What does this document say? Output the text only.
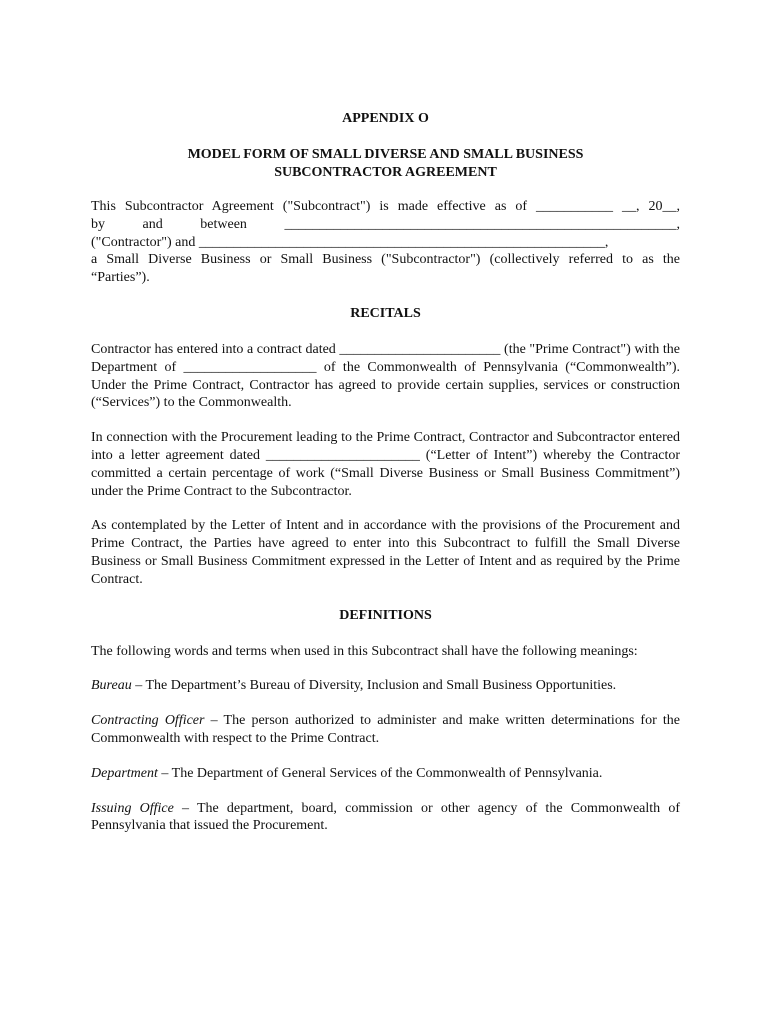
APPENDIX O

MODEL FORM OF SMALL DIVERSE AND SMALL BUSINESS

SUBCONTRACTOR AGREEMENT

This Subcontractor Agreement ("Subcontract") is made effective as of ___________ __, 20__,
by	and	between	________________________________________________________,
("Contractor") and __________________________________________________________,
a Small Diverse Business or Small Business ("Subcontractor") (collectively referred to as the
“Parties”).

RECITALS

Contractor has entered into a contract dated _______________________ (the "Prime Contract") with the Department of ___________________ of the Commonwealth of Pennsylvania (“Commonwealth”). Under the Prime Contract, Contractor has agreed to provide certain supplies, services or construction (“Services”) to the Commonwealth.

In connection with the Procurement leading to the Prime Contract, Contractor and Subcontractor entered into a letter agreement dated ______________________ (“Letter of Intent”) whereby the Contractor committed a certain percentage of work (“Small Diverse Business or Small Business Commitment”) under the Prime Contract to the Subcontractor.

As contemplated by the Letter of Intent and in accordance with the provisions of the Procurement and Prime Contract, the Parties have agreed to enter into this Subcontract to fulfill the Small Diverse Business or Small Business Commitment expressed in the Letter of Intent and as required by the Prime Contract.

DEFINITIONS

The following words and terms when used in this Subcontract shall have the following meanings:

Bureau – The Department’s Bureau of Diversity, Inclusion and Small Business Opportunities.

Contracting Officer – The person authorized to administer and make written determinations for the Commonwealth with respect to the Prime Contract.

Department – The Department of General Services of the Commonwealth of Pennsylvania.

Issuing Office – The department, board, commission or other agency of the Commonwealth of Pennsylvania that issued the Procurement.
